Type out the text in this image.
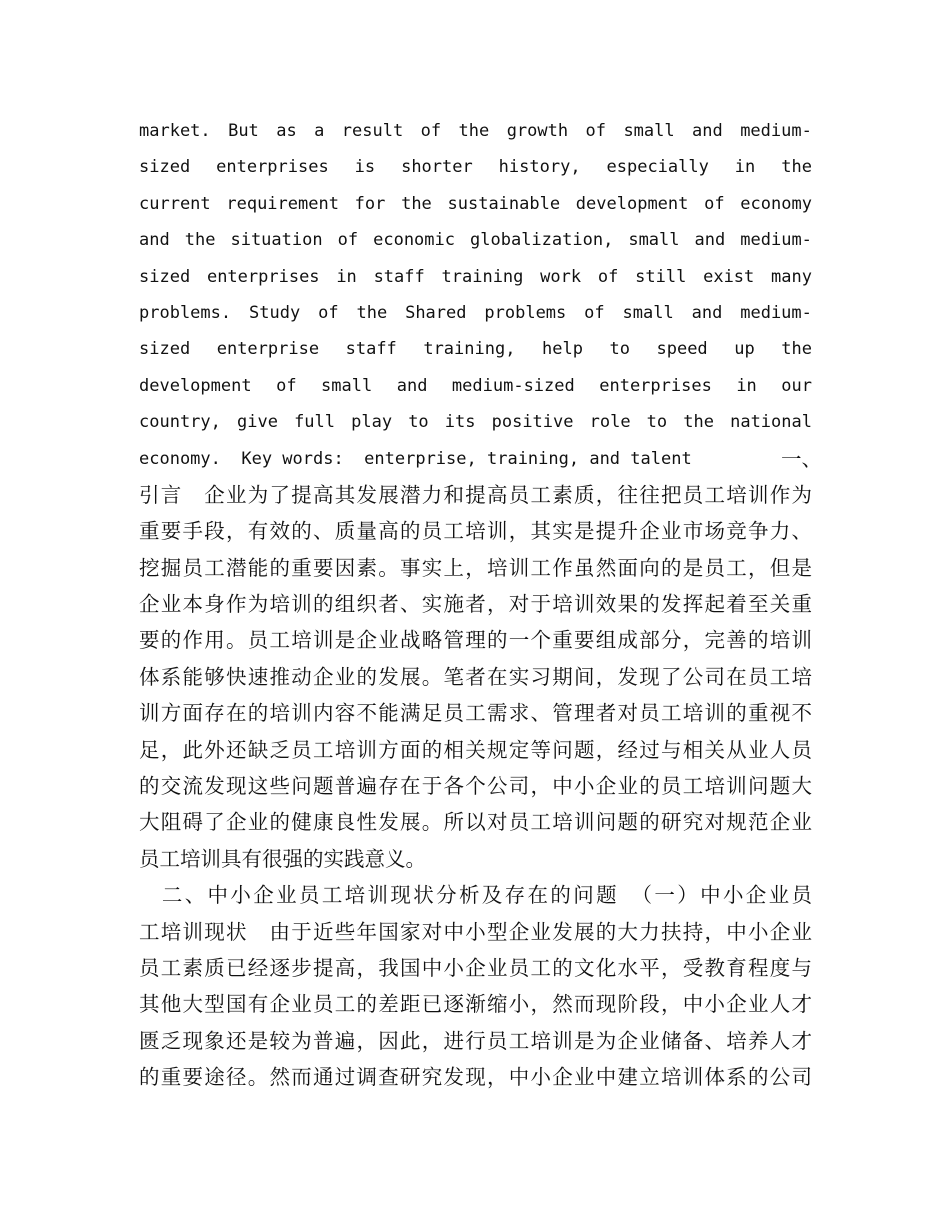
market. But as a result of the growth of small and medium-
sized enterprises is shorter history, especially in the
current requirement for the sustainable development of economy
and the situation of economic globalization, small and medium-
sized enterprises in staff training work of still exist many
problems. Study of the Shared problems of small and medium-
sized enterprise staff training, help to speed up the
development of small and medium-sized enterprises in our
country, give full play to its positive role to the national
economy.  Key words:  enterprise, training, and talent	一、
引言　企业为了提高其发展潜力和提高员工素质，往往把员工培训作为
重要手段，有效的、质量高的员工培训，其实是提升企业市场竞争力、
挖掘员工潜能的重要因素。事实上，培训工作虽然面向的是员工，但是
企业本身作为培训的组织者、实施者，对于培训效果的发挥起着至关重
要的作用。员工培训是企业战略管理的一个重要组成部分，完善的培训
体系能够快速推动企业的发展。笔者在实习期间，发现了公司在员工培
训方面存在的培训内容不能满足员工需求、管理者对员工培训的重视不
足，此外还缺乏员工培训方面的相关规定等问题，经过与相关从业人员
的交流发现这些问题普遍存在于各个公司，中小企业的员工培训问题大
大阻碍了企业的健康良性发展。所以对员工培训问题的研究对规范企业
员工培训具有很强的实践意义。
　二、中小企业员工培训现状分析及存在的问题　（一）中小企业员
工培训现状　由于近些年国家对中小型企业发展的大力扶持，中小企业
员工素质已经逐步提高，我国中小企业员工的文化水平，受教育程度与
其他大型国有企业员工的差距已逐渐缩小，然而现阶段，中小企业人才
匮乏现象还是较为普遍，因此，进行员工培训是为企业储备、培养人才
的重要途径。然而通过调查研究发现，中小企业中建立培训体系的公司
